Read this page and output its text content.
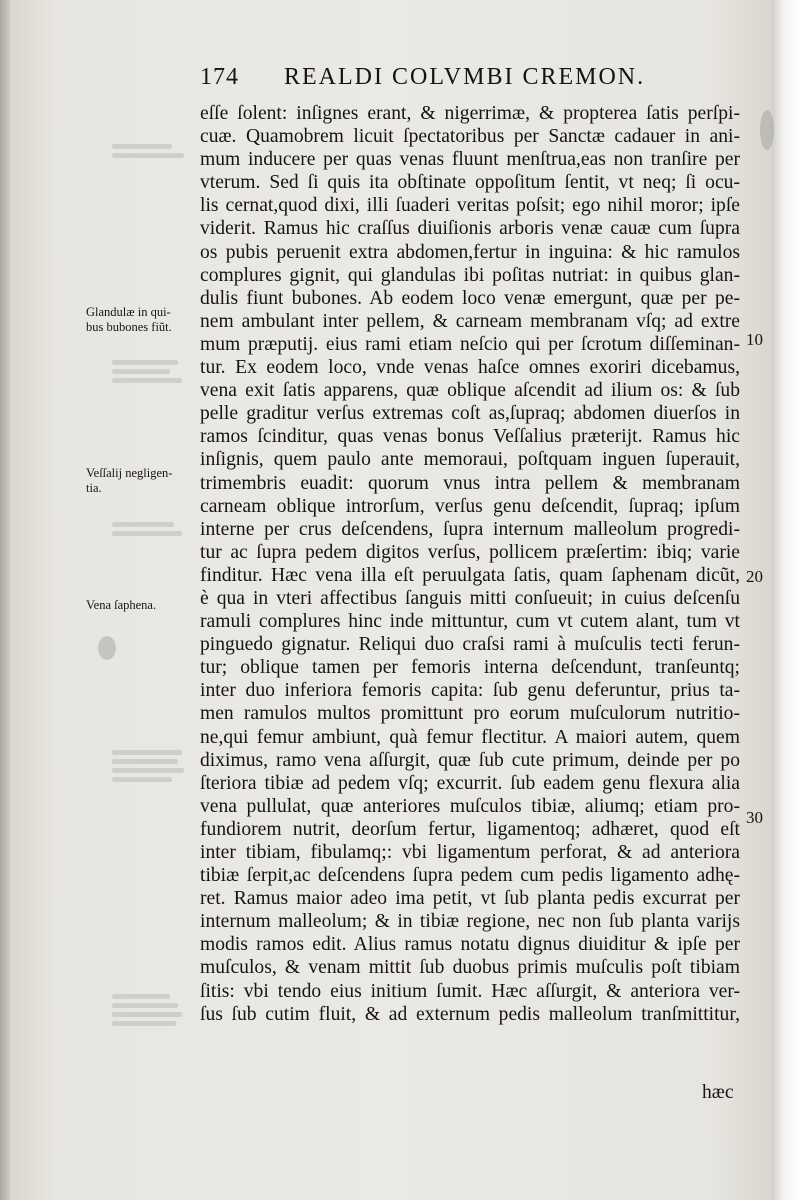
174 REALDI COLVMBI CREMON.
eſſe ſolent: inſignes erant, & nigerrimæ, & propterea ſatis perſpi-
cuæ. Quamobrem licuit ſpectatoribus per Sanctæ cadauer in ani-
mum inducere per quas venas fluunt menſtrua,eas non tranſire per
vterum. Sed ſi quis ita obſtinate oppoſitum ſentit, vt neq; ſi ocu-
lis cernat,quod dixi, illi ſuaderi veritas poſsit; ego nihil moror; ipſe
viderit. Ramus hic craſſus diuiſionis arboris venæ cauæ cum ſupra
os pubis peruenit extra abdomen,fertur in inguina: & hic ramulos
complures gignit, qui glandulas ibi poſitas nutriat: in quibus glan-
dulis fiunt bubones. Ab eodem loco venæ emergunt, quæ per pe-
nem ambulant inter pellem, & carneam membranam vſq; ad extre
mum præputij. eius rami etiam neſcio qui per ſcrotum diſſeminan-
tur. Ex eodem loco, vnde venas haſce omnes exoriri dicebamus,
vena exit ſatis apparens, quæ oblique aſcendit ad ilium os: & ſub
pelle graditur verſus extremas coſt as,ſupraq; abdomen diuerſos in
ramos ſcinditur, quas venas bonus Veſſalius præterijt. Ramus hic
inſignis, quem paulo ante memoraui, poſtquam inguen ſuperauit,
trimembris euadit: quorum vnus intra pellem & membranam
carneam oblique introrſum, verſus genu deſcendit, ſupraq; ipſum
interne per crus deſcendens, ſupra internum malleolum progredi-
tur ac ſupra pedem digitos verſus, pollicem præſertim: ibiq; varie
finditur. Hæc vena illa eſt peruulgata ſatis, quam ſaphenam dicũt,
è qua in vteri affectibus ſanguis mitti conſueuit; in cuius deſcenſu
ramuli complures hinc inde mittuntur, cum vt cutem alant, tum vt
pinguedo gignatur. Reliqui duo craſsi rami à muſculis tecti ferun-
tur; oblique tamen per femoris interna deſcendunt, tranſeuntq;
inter duo inferiora femoris capita: ſub genu deferuntur, prius ta-
men ramulos multos promittunt pro eorum muſculorum nutritio-
ne,qui femur ambiunt, quà femur flectitur. A maiori autem, quem
diximus, ramo vena aſſurgit, quæ ſub cute primum, deinde per po
ſteriora tibiæ ad pedem vſq; excurrit. ſub eadem genu flexura alia
vena pullulat, quæ anteriores muſculos tibiæ, aliumq; etiam pro-
fundiorem nutrit, deorſum fertur, ligamentoq; adhæret, quod eſt
inter tibiam, fibulamq;: vbi ligamentum perforat, & ad anteriora
tibiæ ſerpit,ac deſcendens ſupra pedem cum pedis ligamento adhę-
ret. Ramus maior adeo ima petit, vt ſub planta pedis excurrat per
internum malleolum; & in tibiæ regione, nec non ſub planta varijs
modis ramos edit. Alius ramus notatu dignus diuiditur & ipſe per
muſculos, & venam mittit ſub duobus primis muſculis poſt tibiam
ſitis: vbi tendo eius initium ſumit. Hæc aſſurgit, & anteriora ver-
ſus ſub cutim fluit, & ad externum pedis malleolum tranſmittitur,
hæc
Glandulæ in qui-
bus bubones fiũt.
Veſſalij negligen-
tia.
Vena ſaphena.
10
20
30
